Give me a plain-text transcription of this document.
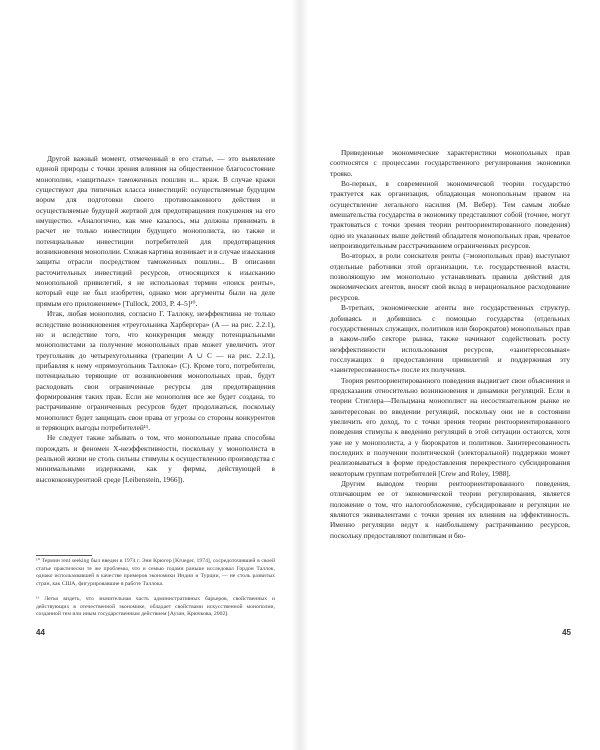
Другой важный момент, отмеченный в его статье, — это выявление единой природы с точки зрения влияния на общественное благосостояние монополии, «защитных» таможенных пошлин и... краж. В случае кражи существуют два типичных класса инвестиций: осуществляемые будущим вором для подготовки своего противозаконного действия и осуществляемые будущей жертвой для предотвращения покушения на его имущество. «Аналогично, как мне казалось, мы должны принимать в расчет не только инвестиции будущего монополиста, но также и потенциальные инвестиции потребителей для предотвращения возникновения монополии. Схожая картина возникает и в случае изыскания защиты отрасли посредством таможенных пошлин... В описании расточительных инвестиций ресурсов, относящихся к изысканию монопольной привилегий, я не использовал термин «поиск ренты», который еще не был изобретен, однако мои аргументы были на деле прямым его приложением» [Tullock, 2003, P. 4–5]¹⁰.

Итак, любая монополия, согласно Г. Таллоку, неэффективна не только вследствие возникновения «треугольника Харбергера» (A — на рис. 2.2.1), но и вследствие того, что конкуренция между потенциальными монополистами за получение монопольных прав может увеличить этот треугольник до четырехугольника (трапеции A ∪ C — на рис. 2.2.1), прибавляя к нему «прямоугольник Таллока» (C). Кроме того, потребители, потенциально теряющие от возникновения монопольных прав, будут расходовать свои ограниченные ресурсы для предотвращения формирования таких прав. Если же монополия все же будет создана, то растрачивание ограниченных ресурсов будет продолжаться, поскольку монополист будет защищать свои права от угрозы со стороны конкурентов и теряющих выгоды потребителей¹¹.

Не следует также забывать о том, что монопольные права способны порождать и феномен X-неэффективности, поскольку у монополиста в реальной жизни не столь сильны стимулы к осуществлению производства с минимальными издержками, как у фирмы, действующей в высококонкурентной среде [Leibenstein, 1966]).

¹⁰ Термин rent seeking был введен в 1974 г. Энн Крюгер [Krueger, 1974], сосредоточившей в своей статье практически те же проблемы, что и семью годами раньше исследовал Гордон Таллок, однако использовавшей в качестве примеров экономики Индии и Турции, — не столь развитых стран, как США, фигурировавшие в работе Таллока.

¹¹ Легко видеть, что значительная часть административных барьеров, свойственных и действующих в отечественной экономике, обладает свойствами искусственной монополии, созданной тем или иным государственным действием [Аузан, Крючкова, 2002].

44

Приведенные экономические характеристики монопольных прав соотносятся с процессами государственного регулирования экономики трояко.

Во-первых, в современной экономической теории государство трактуется как организация, обладающая монопольным правом на осуществление легального насилия (М. Вебер). Тем самым любые вмешательства государства в экономику представляют собой (точнее, могут трактоваться с точки зрения теории рентоориентированного поведения) одно из указанных выше действий обладателя монопольных прав, чреватое непроизводительным расстрачиванием ограниченных ресурсов.

Во-вторых, в роли соискателя ренты (=монопольных прав) выступают отдельные работники этой организации, т.е. государственной власти, позволяющую им монопольно устанавливать правила действий для экономических агентов, вносят свой вклад в нерациональное расходование ресурсов.

В-третьих, экономические агенты вне государственных структур, добиваясь и добившись с помощью государства (отдельных государственных служащих, политиков или бюрократов) монопольных прав в каком-либо секторе рынка, также начинают содействовать росту неэффективности использования ресурсов, «заинтересовывая» госслужащих в предоставлении привилегий и поддерживая эту «заинтересованность» после их получения.

Теория рентоориентированного поведения выдвигает свои объяснения и предсказания относительно возникновения и динамики регуляций. Если в теории Стиглера—Пельцмана монополист на несостязательном рынке не заинтересован во введении регуляций, поскольку они не в состоянии увеличить его доход, то с точки зрения теории рентоориентированного поведения стимулы к введению регуляций в этой ситуации остаются, хотя уже не у монополиста, а у бюрократов и политиков. Заинтересованность последних в получении политической (электоральной) поддержки может реализовываться в форме предоставления перекрестного субсидирования некоторым группам потребителей [Crew and Roley, 1988].

Другим выводом теории рентоориентированного поведения, отличающим ее от экономической теории регулирования, является положение о том, что налогообложение, субсидирование и регуляции не являются эквивалентами с точки зрения их влияния на эффективность. Именно регуляции ведут к наибольшему растрачиванию ресурсов, поскольку предоставляют политикам и бю-

45
